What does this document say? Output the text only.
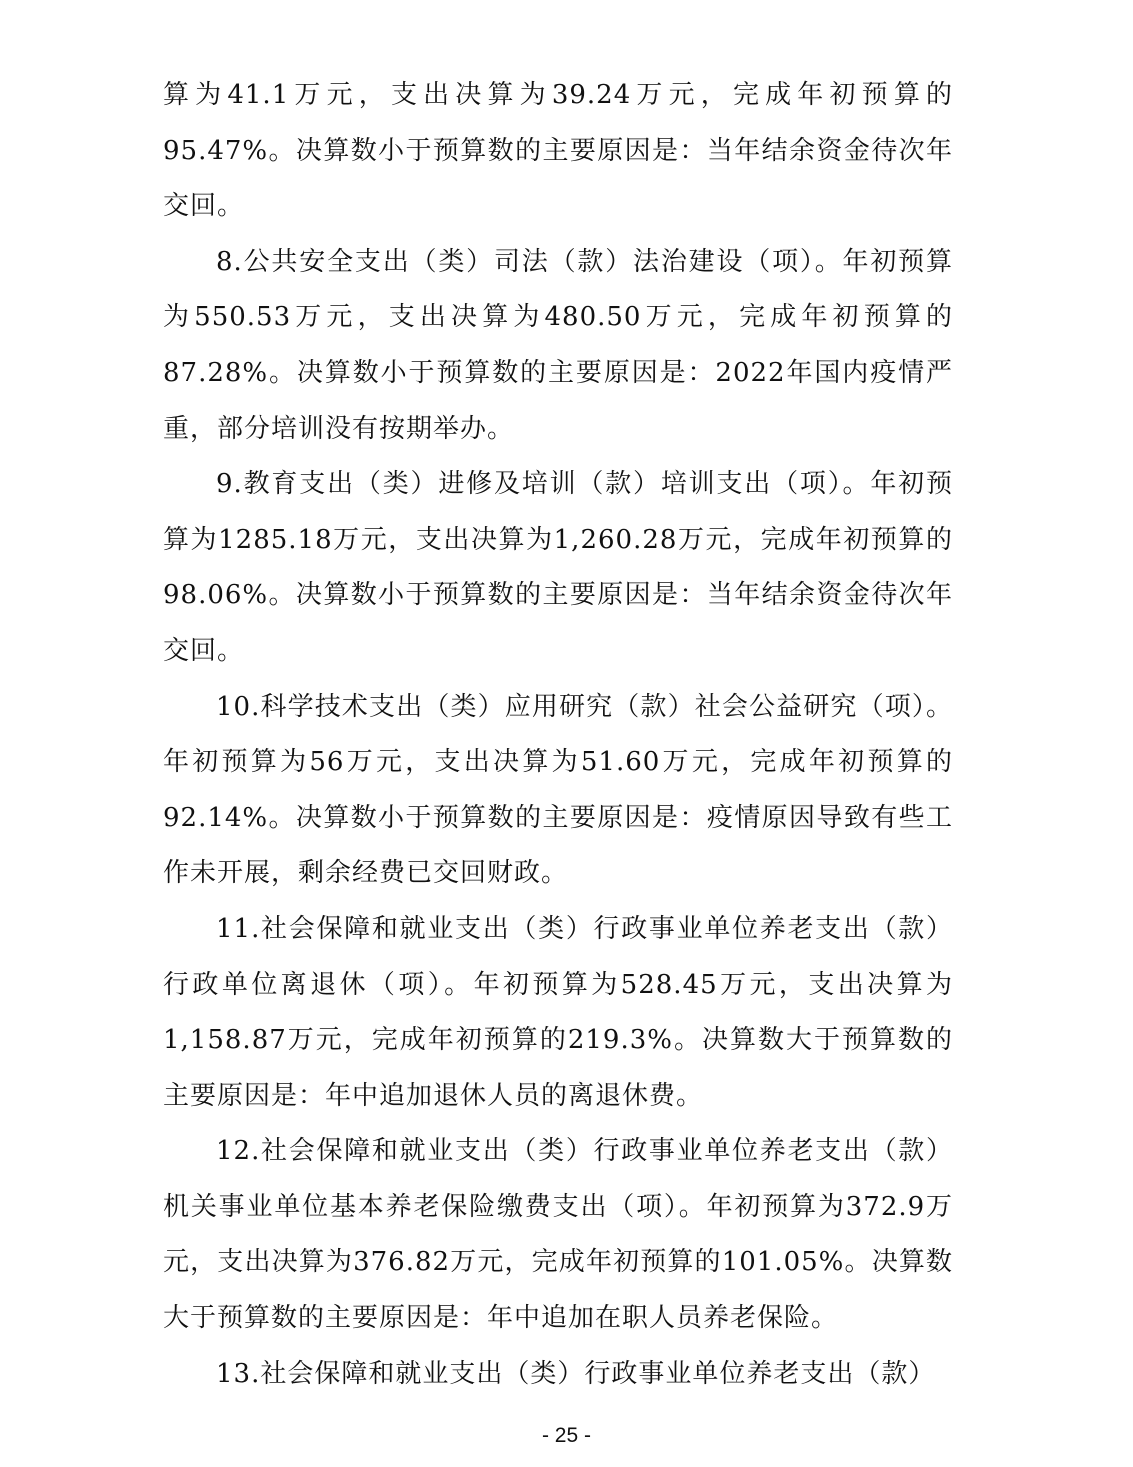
算为41.1万元，支出决算为39.24万元，完成年初预算的95.47%。决算数小于预算数的主要原因是：当年结余资金待次年交回。

8.公共安全支出（类）司法（款）法治建设（项）。年初预算为550.53万元，支出决算为480.50万元，完成年初预算的87.28%。决算数小于预算数的主要原因是：2022年国内疫情严重，部分培训没有按期举办。

9.教育支出（类）进修及培训（款）培训支出（项）。年初预算为1285.18万元，支出决算为1,260.28万元，完成年初预算的98.06%。决算数小于预算数的主要原因是：当年结余资金待次年交回。

10.科学技术支出（类）应用研究（款）社会公益研究（项）。年初预算为56万元，支出决算为51.60万元，完成年初预算的92.14%。决算数小于预算数的主要原因是：疫情原因导致有些工作未开展，剩余经费已交回财政。

11.社会保障和就业支出（类）行政事业单位养老支出（款）行政单位离退休（项）。年初预算为528.45万元，支出决算为1,158.87万元，完成年初预算的219.3%。决算数大于预算数的主要原因是：年中追加退休人员的离退休费。

12.社会保障和就业支出（类）行政事业单位养老支出（款）机关事业单位基本养老保险缴费支出（项）。年初预算为372.9万元，支出决算为376.82万元，完成年初预算的101.05%。决算数大于预算数的主要原因是：年中追加在职人员养老保险。

13.社会保障和就业支出（类）行政事业单位养老支出（款）

- 25 -
